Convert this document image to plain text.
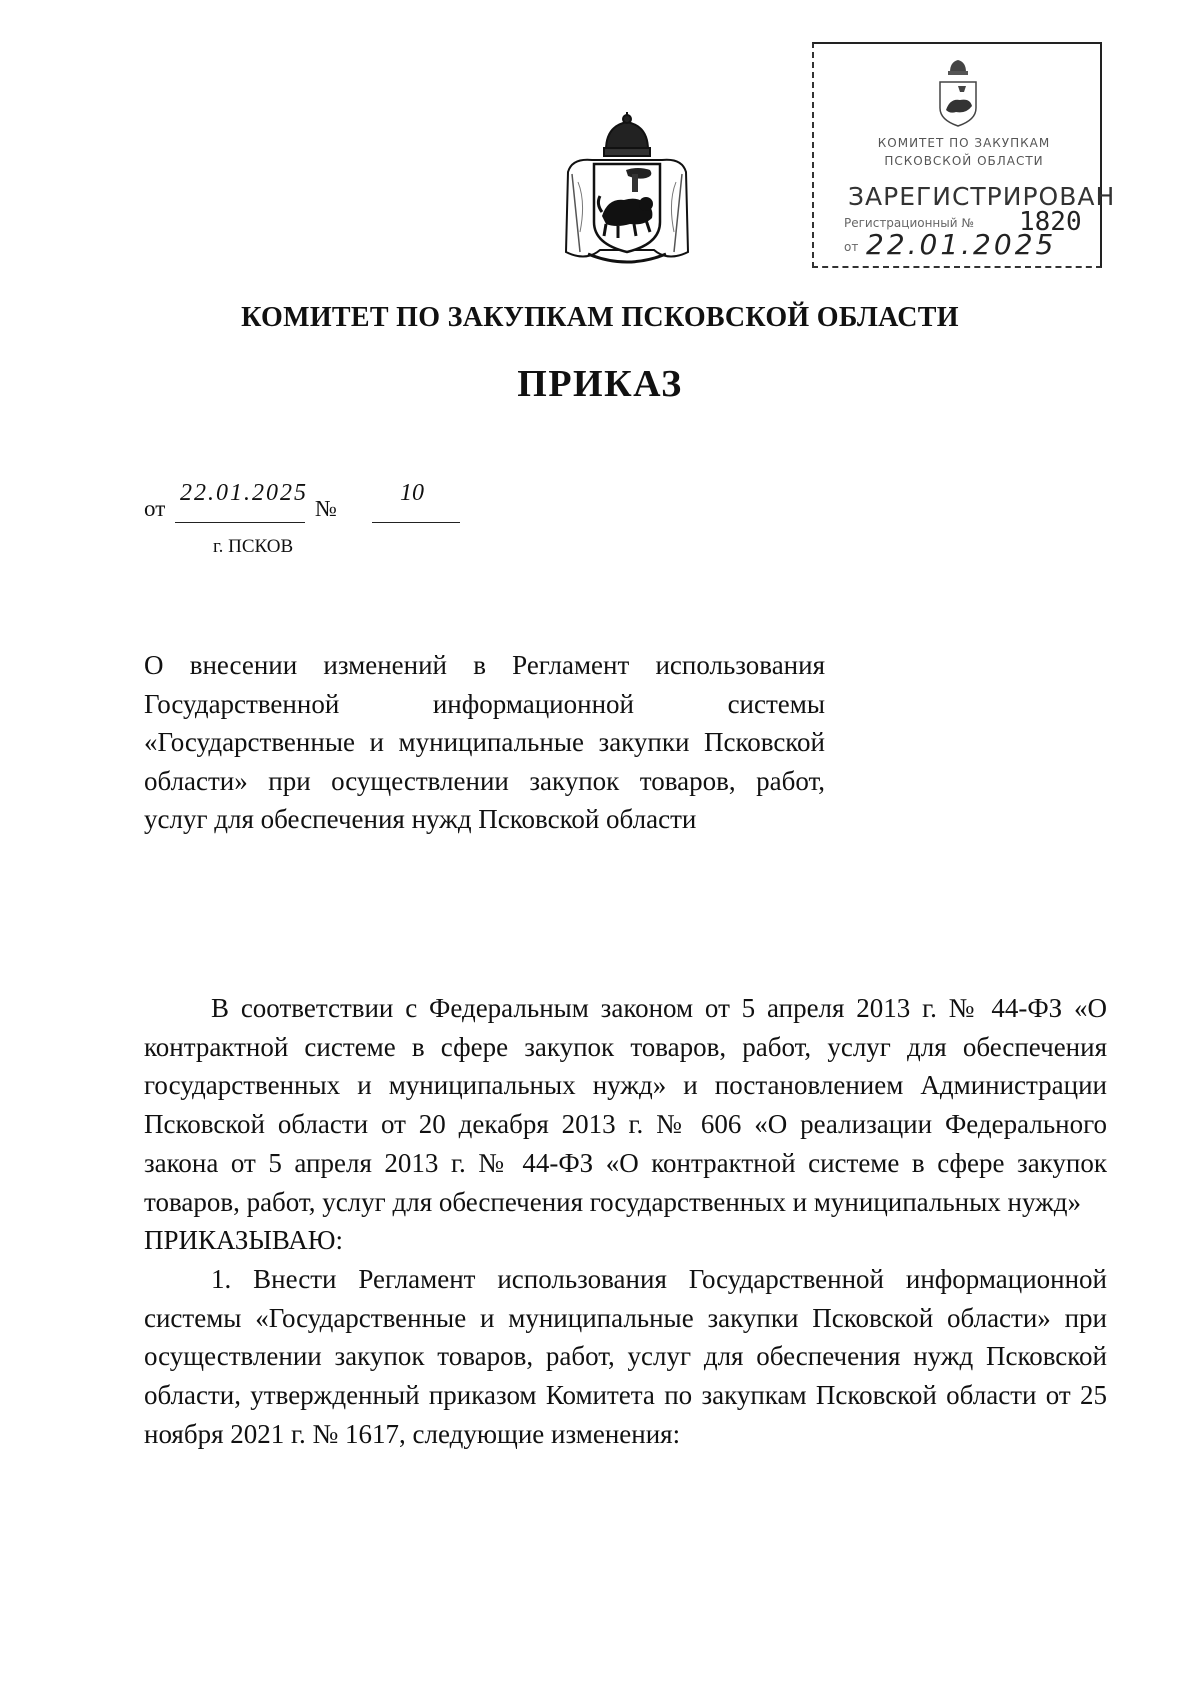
КОМИТЕТ ПО ЗАКУПКАМ
ПСКОВСКОЙ ОБЛАСТИ
ЗАРЕГИСТРИРОВАН
Регистрационный №	1820
от 22.01.2025
КОМИТЕТ ПО ЗАКУПКАМ ПСКОВСКОЙ ОБЛАСТИ
ПРИКАЗ
от
22.01.2025
№
10
г. ПСКОВ
О внесении изменений в Регламент использования Государственной информационной системы «Государственные и муниципальные закупки Псковской области» при осуществлении закупок товаров, работ, услуг для обеспечения нужд Псковской области

В соответствии с Федеральным законом от 5 апреля 2013 г. № 44-ФЗ «О контрактной системе в сфере закупок товаров, работ, услуг для обеспечения государственных и муниципальных нужд» и постановлением Администрации Псковской области от 20 декабря 2013 г. № 606 «О реализации Федерального закона от 5 апреля 2013 г. № 44-ФЗ «О контрактной системе в сфере закупок товаров, работ, услуг для обеспечения государственных и муниципальных нужд»

ПРИКАЗЫВАЮ:

1. Внести Регламент использования Государственной информационной системы «Государственные и муниципальные закупки Псковской области» при осуществлении закупок товаров, работ, услуг для обеспечения нужд Псковской области, утвержденный приказом Комитета по закупкам Псковской области от 25 ноября 2021 г. № 1617, следующие изменения:
